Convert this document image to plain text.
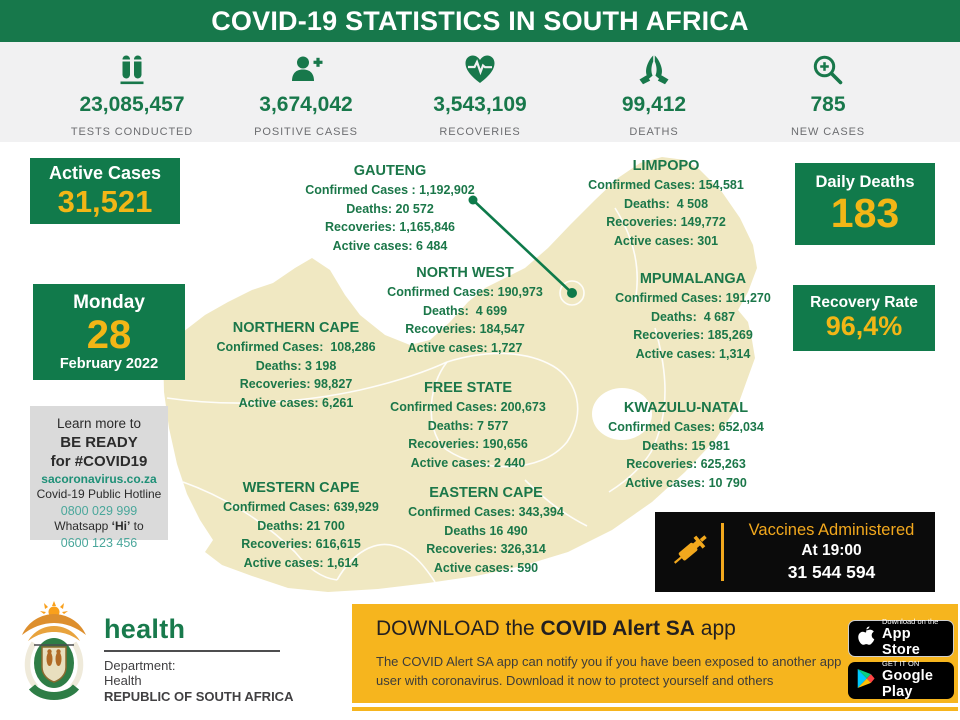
COVID-19 STATISTICS IN SOUTH AFRICA
23,085,457
TESTS CONDUCTED
3,674,042
POSITIVE CASES
3,543,109
RECOVERIES
99,412
DEATHS
785
NEW CASES
Active Cases
31,521
Monday
28
February 2022
Learn more to
BE READY
for #COVID19
sacoronavirus.co.za
Covid-19 Public Hotline
0800 029 999
Whatsapp ‘Hi’ to
0600 123 456
Daily Deaths
183
Recovery Rate
96,4%
GAUTENG
Confirmed Cases : 1,192,902
Deaths: 20 572
Recoveries: 1,165,846
Active cases: 6 484
LIMPOPO
Confirmed Cases: 154,581
Deaths:  4 508
Recoveries: 149,772
Active cases: 301
NORTH WEST
Confirmed Cases: 190,973
Deaths:  4 699
Recoveries: 184,547
Active cases: 1,727
MPUMALANGA
Confirmed Cases: 191,270
Deaths:  4 687
Recoveries: 185,269
Active cases: 1,314
NORTHERN CAPE
Confirmed Cases:  108,286
Deaths: 3 198
Recoveries: 98,827
Active cases: 6,261
FREE STATE
Confirmed Cases: 200,673
Deaths: 7 577
Recoveries: 190,656
Active cases: 2 440
KWAZULU-NATAL
Confirmed Cases: 652,034
Deaths: 15 981
Recoveries: 625,263
Active cases: 10 790
WESTERN CAPE
Confirmed Cases: 639,929
Deaths: 21 700
Recoveries: 616,615
Active cases: 1,614
EASTERN CAPE
Confirmed Cases: 343,394
Deaths 16 490
Recoveries: 326,314
Active cases: 590
Vaccines Administered
At 19:00
31 544 594
health
Department:
Health
REPUBLIC OF SOUTH AFRICA
DOWNLOAD the COVID Alert SA app
The COVID Alert SA app can notify you if you have been exposed to another app user with coronavirus. Download it now to protect yourself and others
Download on the
App Store
GET IT ON
Google Play
